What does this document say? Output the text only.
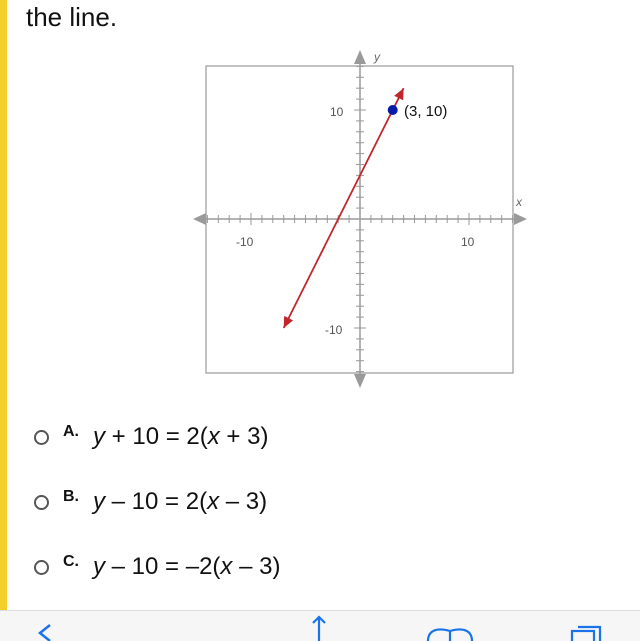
the line.
y
x
-10	10
10
-10
(3, 10)
A. y + 10 = 2(x + 3)
B. y – 10 = 2(x – 3)
C. y – 10 = –2(x – 3)
